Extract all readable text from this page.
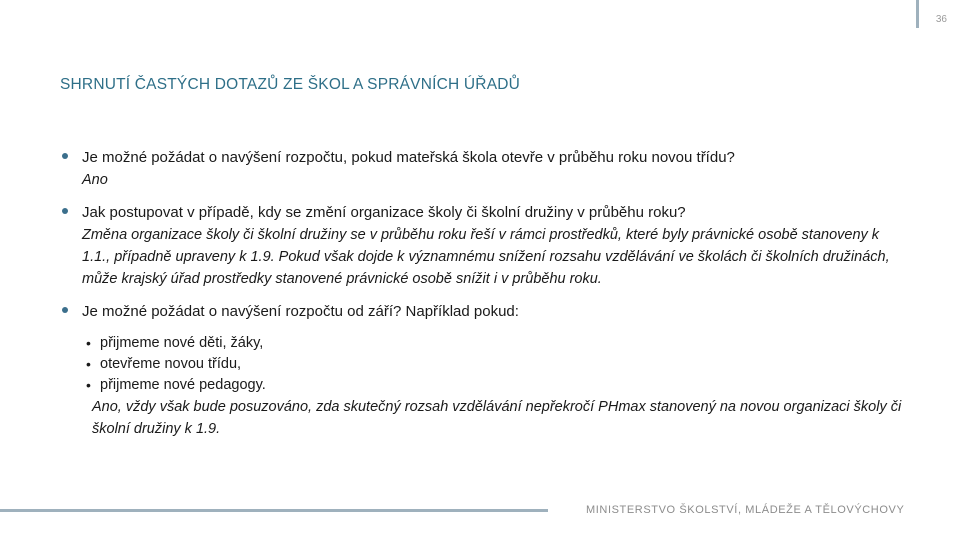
36
SHRNUTÍ ČASTÝCH DOTAZŮ ZE ŠKOL A SPRÁVNÍCH ÚŘADŮ
Je možné požádat o navýšení rozpočtu, pokud mateřská škola otevře v průběhu roku novou třídu?
Ano
Jak postupovat v případě, kdy se změní organizace školy či školní družiny v průběhu roku?
Změna organizace školy či školní družiny se v průběhu roku řeší v rámci prostředků, které byly právnické osobě stanoveny k 1.1., případně upraveny k 1.9. Pokud však dojde k významnému snížení rozsahu vzdělávání ve školách či školních družinách, může krajský úřad prostředky stanovené právnické osobě snížit i v průběhu roku.
Je možné požádat o navýšení rozpočtu od září? Například pokud:
• přijmeme nové děti, žáky,
• otevřeme novou třídu,
• přijmeme nové pedagogy.
Ano, vždy však bude posuzováno, zda skutečný rozsah vzdělávání nepřekročí PHmax stanovený na novou organizaci školy či školní družiny k 1.9.
MINISTERSTVO ŠKOLSTVÍ, MLÁDEŽE A TĚLOVÝCHOVY
